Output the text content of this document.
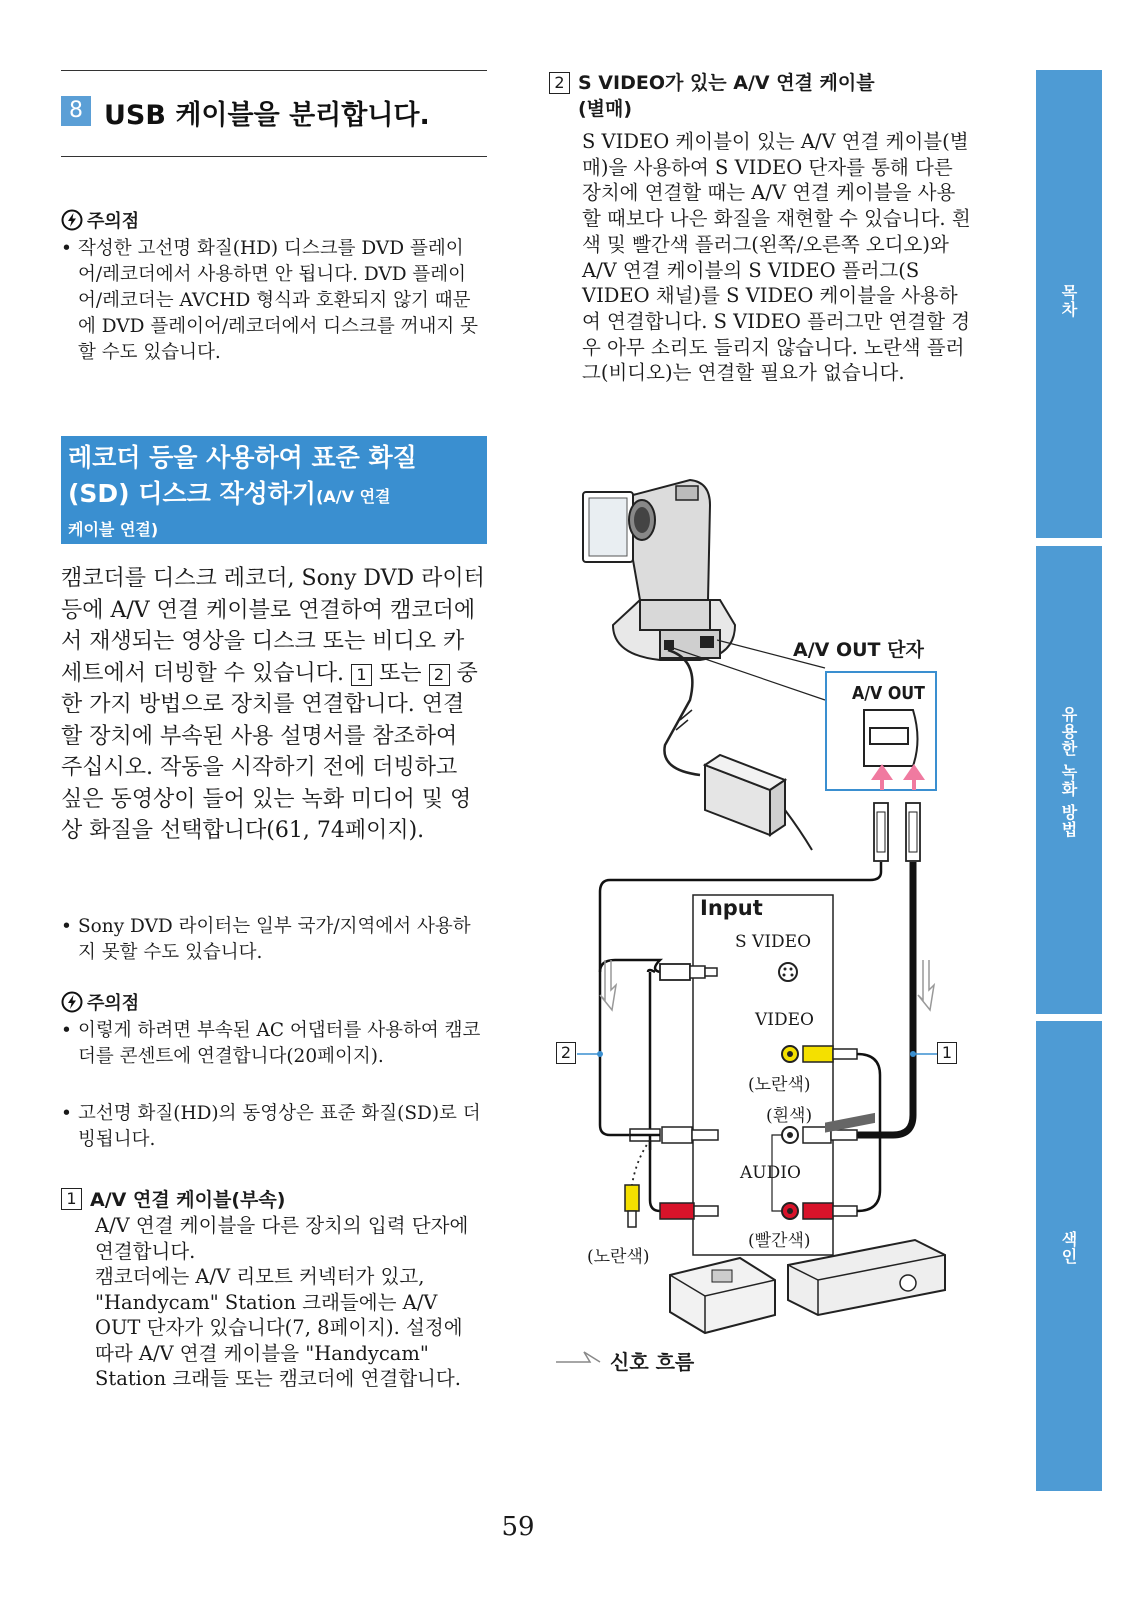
8 USB 케이블을 분리합니다.
주의점
• 작성한 고선명 화질(HD) 디스크를 DVD 플레이어/레코더에서 사용하면 안 됩니다. DVD 플레이어/레코더는 AVCHD 형식과 호환되지 않기 때문에 DVD 플레이어/레코더에서 디스크를 꺼내지 못할 수도 있습니다.
레코더 등을 사용하여 표준 화질
(SD) 디스크 작성하기(A/V 연결
케이블 연결)
캠코더를 디스크 레코더, Sony DVD 라이터 등에 A/V 연결 케이블로 연결하여 캠코더에서 재생되는 영상을 디스크 또는 비디오 카세트에서 더빙할 수 있습니다. 1 또는 2 중 한 가지 방법으로 장치를 연결합니다. 연결할 장치에 부속된 사용 설명서를 참조하여 주십시오. 작동을 시작하기 전에 더빙하고 싶은 동영상이 들어 있는 녹화 미디어 및 영상 화질을 선택합니다(61, 74페이지).
• Sony DVD 라이터는 일부 국가/지역에서 사용하지 못할 수도 있습니다.
주의점
• 이렇게 하려면 부속된 AC 어댑터를 사용하여 캠코더를 콘센트에 연결합니다(20페이지).
• 고선명 화질(HD)의 동영상은 표준 화질(SD)로 더빙됩니다.
1 A/V 연결 케이블(부속)
A/V 연결 케이블을 다른 장치의 입력 단자에 연결합니다.
캠코더에는 A/V 리모트 커넥터가 있고, "Handycam" Station 크래들에는 A/V OUT 단자가 있습니다(7, 8페이지). 설정에 따라 A/V 연결 케이블을 "Handycam" Station 크래들 또는 캠코더에 연결합니다.
2 S VIDEO가 있는 A/V 연결 케이블
(별매)
S VIDEO 케이블이 있는 A/V 연결 케이블(별매)을 사용하여 S VIDEO 단자를 통해 다른 장치에 연결할 때는 A/V 연결 케이블을 사용할 때보다 나은 화질을 재현할 수 있습니다. 흰색 및 빨간색 플러그(왼쪽/오른쪽 오디오)와 A/V 연결 케이블의 S VIDEO 플러그(S VIDEO 채널)를 S VIDEO 케이블을 사용하여 연결합니다. S VIDEO 플러그만 연결할 경우 아무 소리도 들리지 않습니다. 노란색 플러그(비디오)는 연결할 필요가 없습니다.
A/V OUT 단자
A/V OUT
Input
S VIDEO
VIDEO
(노란색)
(흰색)
AUDIO
(빨간색)
(노란색)
2	1
신호 흐름
목차
유용한 녹화 방법
색인
59
